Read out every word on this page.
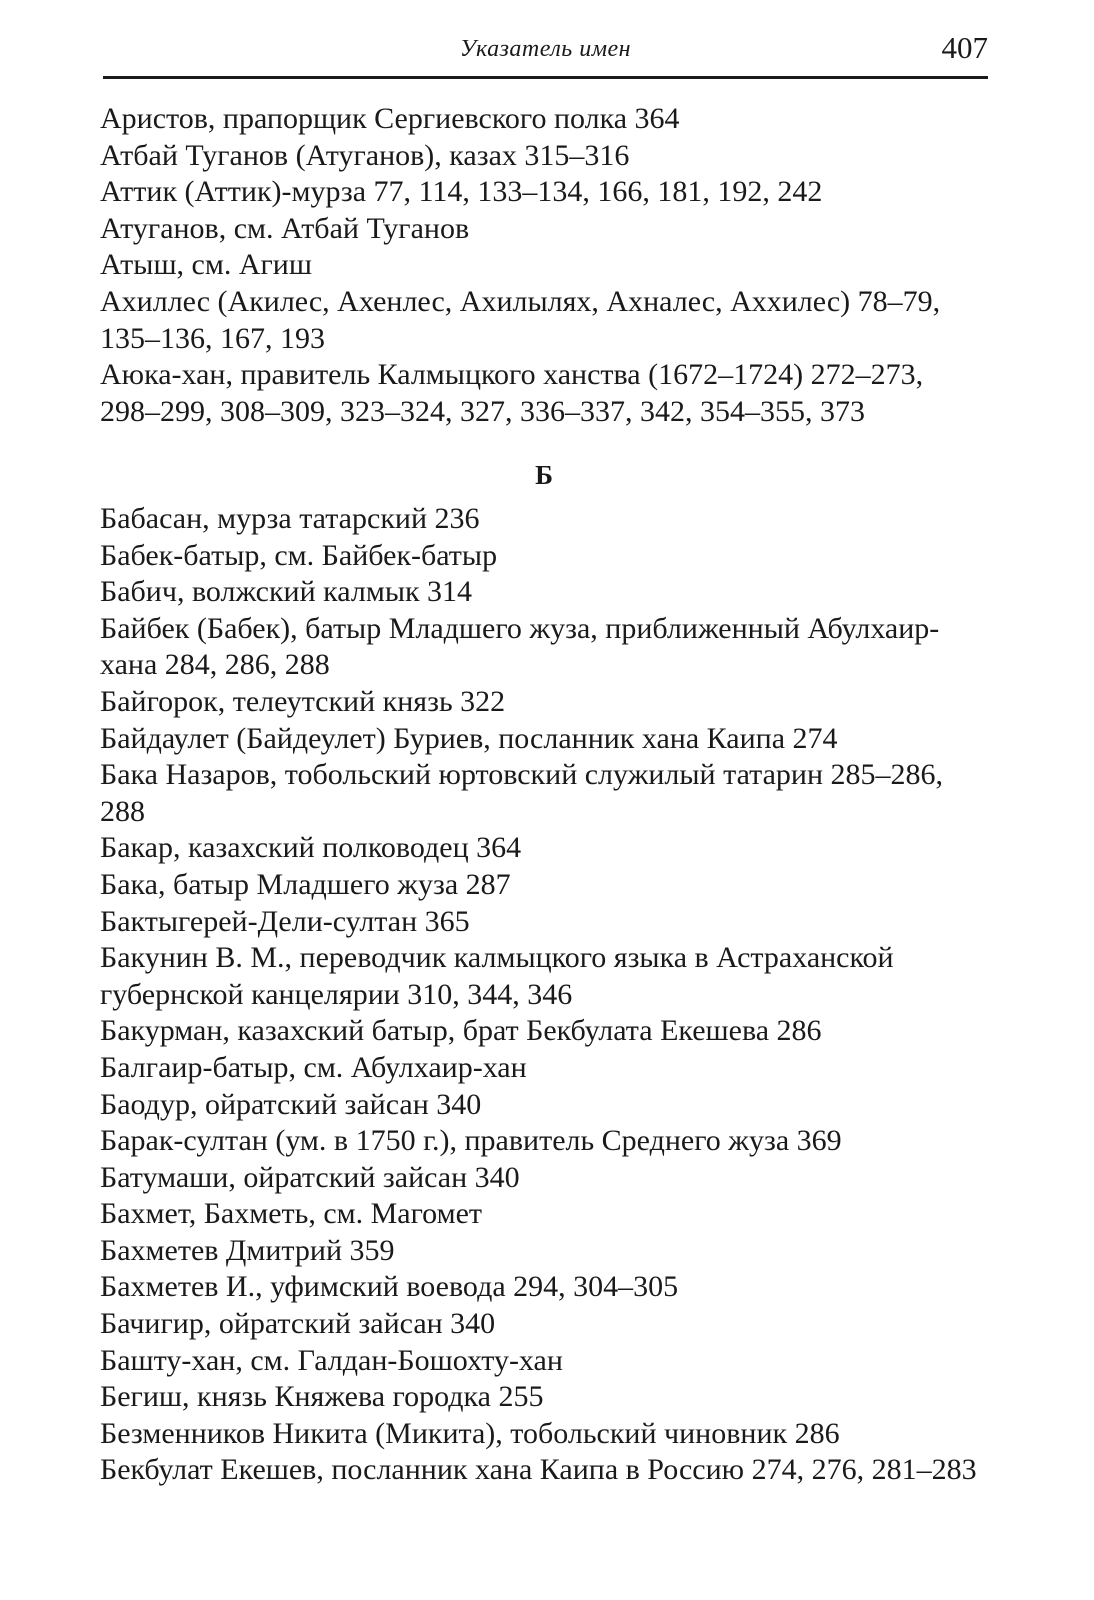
Указатель имен	407

Аристов, прапорщик Сергиевского полка 364

Атбай Туганов (Атуганов), казах 315–316

Аттик (Аттик)-мурза 77, 114, 133–134, 166, 181, 192, 242

Атуганов, см. Атбай Туганов

Атыш, см. Агиш

Ахиллес (Акилес, Ахенлес, Ахилылях, Ахналес, Аххилес) 78–79, 135–136, 167, 193

Аюка-хан, правитель Калмыцкого ханства (1672–1724) 272–273, 298–299, 308–309, 323–324, 327, 336–337, 342, 354–355, 373

Б

Бабасан, мурза татарский 236

Бабек-батыр, см. Байбек-батыр

Бабич, волжский калмык 314

Байбек (Бабек), батыр Младшего жуза, приближенный Абулхаир-хана 284, 286, 288

Байгорок, телеутский князь 322

Байдаулет (Байдеулет) Буриев, посланник хана Каипа 274

Бака Назаров, тобольский юртовский служилый татарин 285–286, 288

Бакар, казахский полководец 364

Бака, батыр Младшего жуза 287

Бактыгерей-Дели-султан 365

Бакунин В. М., переводчик калмыцкого языка в Астраханской губернской канцелярии 310, 344, 346

Бакурман, казахский батыр, брат Бекбулата Екешева 286

Балгаир-батыр, см. Абулхаир-хан

Баодур, ойратский зайсан 340

Барак-султан (ум. в 1750 г.), правитель Среднего жуза 369

Батумаши, ойратский зайсан 340

Бахмет, Бахметь, см. Магомет

Бахметев Дмитрий 359

Бахметев И., уфимский воевода 294, 304–305

Бачигир, ойратский зайсан 340

Башту-хан, см. Галдан-Бошохту-хан

Бегиш, князь Княжева городка 255

Безменников Никита (Микита), тобольский чиновник 286

Бекбулат Екешев, посланник хана Каипа в Россию 274, 276, 281–283
